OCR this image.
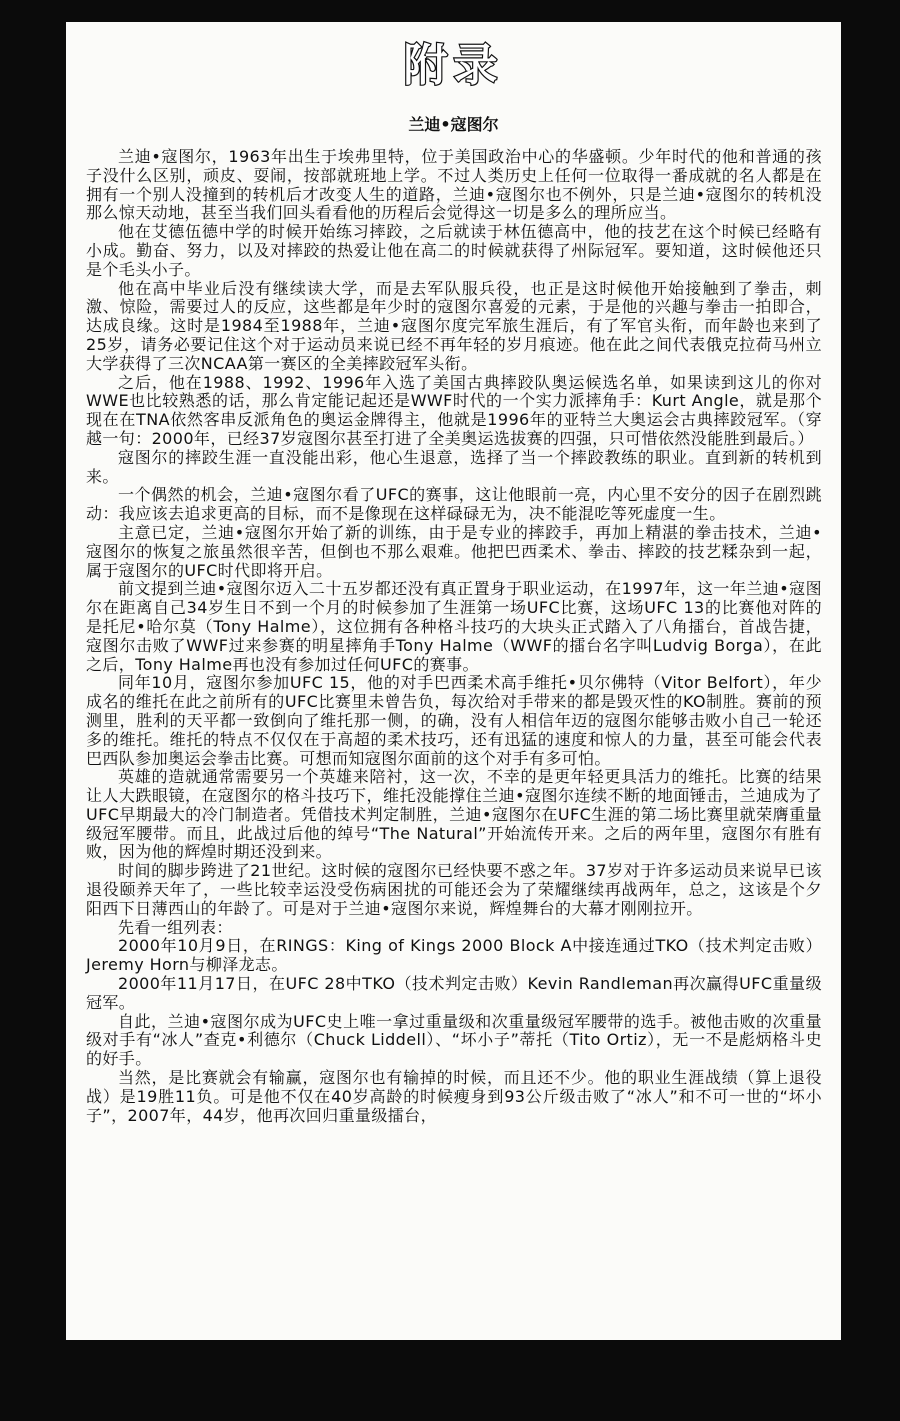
附录
兰迪•寇图尔

兰迪•寇图尔，1963年出生于埃弗里特，位于美国政治中心的华盛顿。少年时代的他和普通的孩子没什么区别，顽皮、耍闹，按部就班地上学。不过人类历史上任何一位取得一番成就的名人都是在拥有一个别人没撞到的转机后才改变人生的道路，兰迪•寇图尔也不例外，只是兰迪•寇图尔的转机没那么惊天动地，甚至当我们回头看看他的历程后会觉得这一切是多么的理所应当。

他在艾德伍德中学的时候开始练习摔跤，之后就读于林伍德高中，他的技艺在这个时候已经略有小成。勤奋、努力，以及对摔跤的热爱让他在高二的时候就获得了州际冠军。要知道，这时候他还只是个毛头小子。

他在高中毕业后没有继续读大学，而是去军队服兵役，也正是这时候他开始接触到了拳击，刺激、惊险，需要过人的反应，这些都是年少时的寇图尔喜爱的元素，于是他的兴趣与拳击一拍即合，达成良缘。这时是1984至1988年，兰迪•寇图尔度完军旅生涯后，有了军官头衔，而年龄也来到了25岁，请务必要记住这个对于运动员来说已经不再年轻的岁月痕迹。他在此之间代表俄克拉荷马州立大学获得了三次NCAA第一赛区的全美摔跤冠军头衔。

之后，他在1988、1992、1996年入选了美国古典摔跤队奥运候选名单，如果读到这儿的你对WWE也比较熟悉的话，那么肯定能记起还是WWF时代的一个实力派摔角手：Kurt Angle，就是那个现在在TNA依然客串反派角色的奥运金牌得主，他就是1996年的亚特兰大奥运会古典摔跤冠军。（穿越一句：2000年，已经37岁寇图尔甚至打进了全美奥运选拔赛的四强，只可惜依然没能胜到最后。）

寇图尔的摔跤生涯一直没能出彩，他心生退意，选择了当一个摔跤教练的职业。直到新的转机到来。

一个偶然的机会，兰迪•寇图尔看了UFC的赛事，这让他眼前一亮，内心里不安分的因子在剧烈跳动：我应该去追求更高的目标，而不是像现在这样碌碌无为，决不能混吃等死虚度一生。

主意已定，兰迪•寇图尔开始了新的训练，由于是专业的摔跤手，再加上精湛的拳击技术，兰迪•寇图尔的恢复之旅虽然很辛苦，但倒也不那么艰难。他把巴西柔术、拳击、摔跤的技艺糅杂到一起，属于寇图尔的UFC时代即将开启。

前文提到兰迪•寇图尔迈入二十五岁都还没有真正置身于职业运动，在1997年，这一年兰迪•寇图尔在距离自己34岁生日不到一个月的时候参加了生涯第一场UFC比赛，这场UFC 13的比赛他对阵的是托尼•哈尔莫（Tony Halme），这位拥有各种格斗技巧的大块头正式踏入了八角擂台，首战告捷，寇图尔击败了WWF过来参赛的明星摔角手Tony Halme（WWF的擂台名字叫Ludvig Borga），在此之后，Tony Halme再也没有参加过任何UFC的赛事。

同年10月，寇图尔参加UFC 15，他的对手巴西柔术高手维托•贝尔佛特（Vitor Belfort），年少成名的维托在此之前所有的UFC比赛里未曾告负，每次给对手带来的都是毁灭性的KO制胜。赛前的预测里，胜利的天平都一致倒向了维托那一侧，的确，没有人相信年迈的寇图尔能够击败小自己一轮还多的维托。维托的特点不仅仅在于高超的柔术技巧，还有迅猛的速度和惊人的力量，甚至可能会代表巴西队参加奥运会拳击比赛。可想而知寇图尔面前的这个对手有多可怕。

英雄的造就通常需要另一个英雄来陪衬，这一次，不幸的是更年轻更具活力的维托。比赛的结果让人大跌眼镜，在寇图尔的格斗技巧下，维托没能撑住兰迪•寇图尔连续不断的地面锤击，兰迪成为了UFC早期最大的冷门制造者。凭借技术判定制胜，兰迪•寇图尔在UFC生涯的第二场比赛里就荣膺重量级冠军腰带。而且，此战过后他的绰号“The Natural”开始流传开来。之后的两年里，寇图尔有胜有败，因为他的辉煌时期还没到来。

时间的脚步跨进了21世纪。这时候的寇图尔已经快要不惑之年。37岁对于许多运动员来说早已该退役颐养天年了，一些比较幸运没受伤病困扰的可能还会为了荣耀继续再战两年，总之，这该是个夕阳西下日薄西山的年龄了。可是对于兰迪•寇图尔来说，辉煌舞台的大幕才刚刚拉开。

先看一组列表：

2000年10月9日，在RINGS：King of Kings 2000 Block A中接连通过TKO（技术判定击败）Jeremy Horn与柳泽龙志。

2000年11月17日，在UFC 28中TKO（技术判定击败）Kevin Randleman再次赢得UFC重量级冠军。

自此，兰迪•寇图尔成为UFC史上唯一拿过重量级和次重量级冠军腰带的选手。被他击败的次重量级对手有“冰人”查克•利德尔（Chuck Liddell）、“坏小子”蒂托（Tito Ortiz），无一不是彪炳格斗史的好手。

当然，是比赛就会有输赢，寇图尔也有输掉的时候，而且还不少。他的职业生涯战绩（算上退役战）是19胜11负。可是他不仅在40岁高龄的时候瘦身到93公斤级击败了“冰人”和不可一世的“坏小子”，2007年，44岁，他再次回归重量级擂台，
